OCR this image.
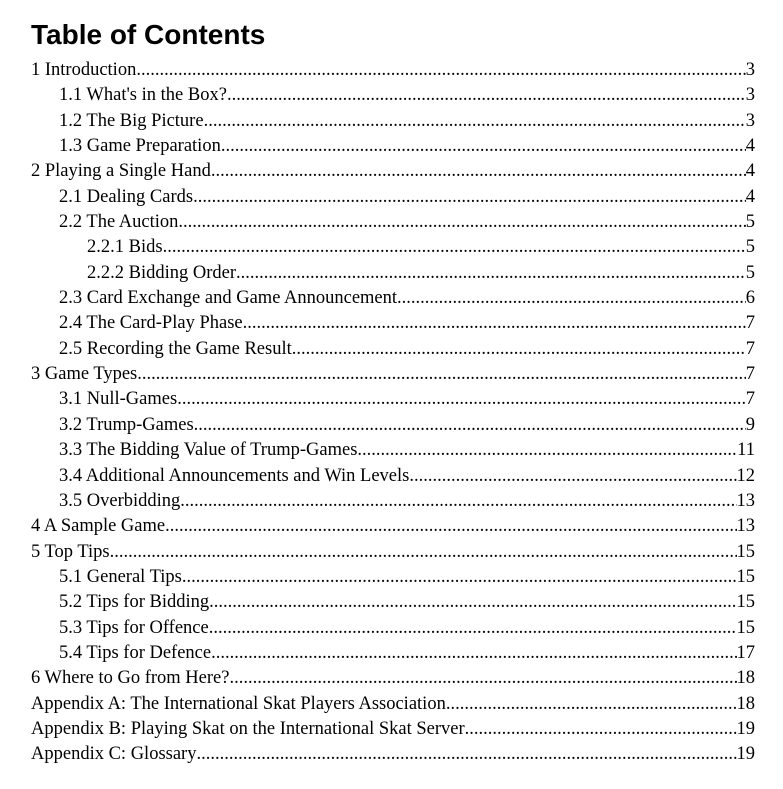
Table of Contents
1 Introduction .....	3
1.1 What's in the Box? .....	3
1.2 The Big Picture .....	3
1.3 Game Preparation .....	4
2 Playing a Single Hand .....	4
2.1 Dealing Cards .....	4
2.2 The Auction .....	5
2.2.1 Bids .....	5
2.2.2 Bidding Order .....	5
2.3 Card Exchange and Game Announcement .....	6
2.4 The Card-Play Phase .....	7
2.5 Recording the Game Result .....	7
3 Game Types .....	7
3.1 Null-Games .....	7
3.2 Trump-Games .....	9
3.3 The Bidding Value of Trump-Games .....	11
3.4 Additional Announcements and Win Levels .....	12
3.5 Overbidding .....	13
4 A Sample Game .....	13
5 Top Tips .....	15
5.1 General Tips .....	15
5.2 Tips for Bidding .....	15
5.3 Tips for Offence .....	15
5.4 Tips for Defence .....	17
6 Where to Go from Here? .....	18
Appendix A: The International Skat Players Association .....	18
Appendix B: Playing Skat on the International Skat Server .....	19
Appendix C: Glossary .....	19
